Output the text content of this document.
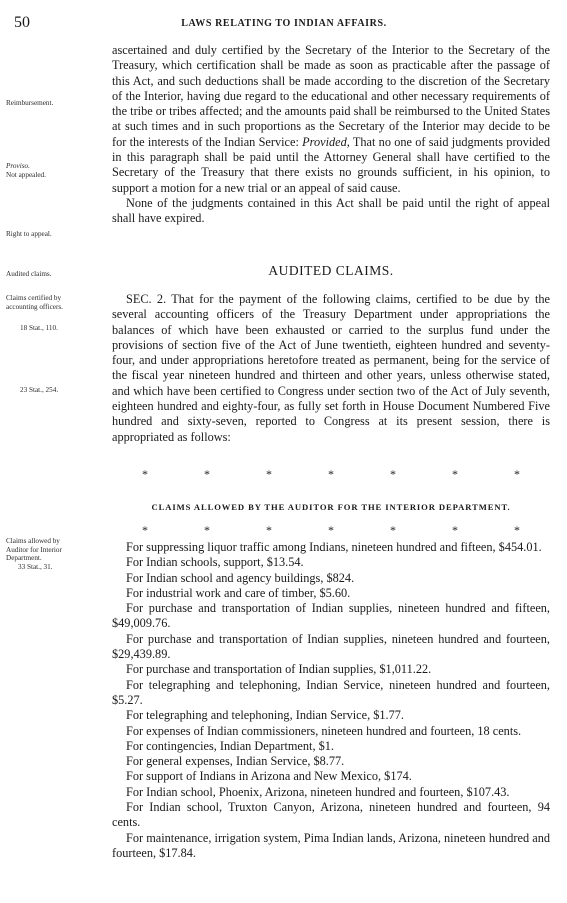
50	LAWS RELATING TO INDIAN AFFAIRS.
Reimbursement.
Proviso.
Not appealed.
Right to appeal.
Audited claims.
Claims certified by
accounting officers.
18 Stat., 110.
23 Stat., 254.
Claims allowed by
Auditor for Interior
Department.
33 Stat., 31.

ascertained and duly certified by the Secretary of the Interior to the Secretary of the Treasury, which certification shall be made as soon as practicable after the passage of this Act, and such deductions shall be made according to the discretion of the Secretary of the Interior, having due regard to the educational and other necessary requirements of the tribe or tribes affected; and the amounts paid shall be reimbursed to the United States at such times and in such proportions as the Secretary of the Interior may decide to be for the interests of the Indian Service: Provided, That no one of said judgments provided in this paragraph shall be paid until the Attorney General shall have certified to the Secretary of the Treasury that there exists no grounds sufficient, in his opinion, to support a motion for a new trial or an appeal of said cause.

None of the judgments contained in this Act shall be paid until the right of appeal shall have expired.

AUDITED CLAIMS.

SEC. 2. That for the payment of the following claims, certified to be due by the several accounting officers of the Treasury Department under appropriations the balances of which have been exhausted or carried to the surplus fund under the provisions of section five of the Act of June twentieth, eighteen hundred and seventy-four, and under appropriations heretofore treated as permanent, being for the service of the fiscal year nineteen hundred and thirteen and other years, unless otherwise stated, and which have been certified to Congress under section two of the Act of July seventh, eighteen hundred and eighty-four, as fully set forth in House Document Numbered Five hundred and sixty-seven, reported to Congress at its present session, there is appropriated as follows:

*	*	*	*	*	*	*
CLAIMS ALLOWED BY THE AUDITOR FOR THE INTERIOR DEPARTMENT.
*	*	*	*	*	*	*

For suppressing liquor traffic among Indians, nineteen hundred and fifteen, $454.01.

For Indian schools, support, $13.54.

For Indian school and agency buildings, $824.

For industrial work and care of timber, $5.60.

For purchase and transportation of Indian supplies, nineteen hundred and fifteen, $49,009.76.

For purchase and transportation of Indian supplies, nineteen hundred and fourteen, $29,439.89.

For purchase and transportation of Indian supplies, $1,011.22.

For telegraphing and telephoning, Indian Service, nineteen hundred and fourteen, $5.27.

For telegraphing and telephoning, Indian Service, $1.77.

For expenses of Indian commissioners, nineteen hundred and fourteen, 18 cents.

For contingencies, Indian Department, $1.

For general expenses, Indian Service, $8.77.

For support of Indians in Arizona and New Mexico, $174.

For Indian school, Phoenix, Arizona, nineteen hundred and fourteen, $107.43.

For Indian school, Truxton Canyon, Arizona, nineteen hundred and fourteen, 94 cents.

For maintenance, irrigation system, Pima Indian lands, Arizona, nineteen hundred and fourteen, $17.84.
